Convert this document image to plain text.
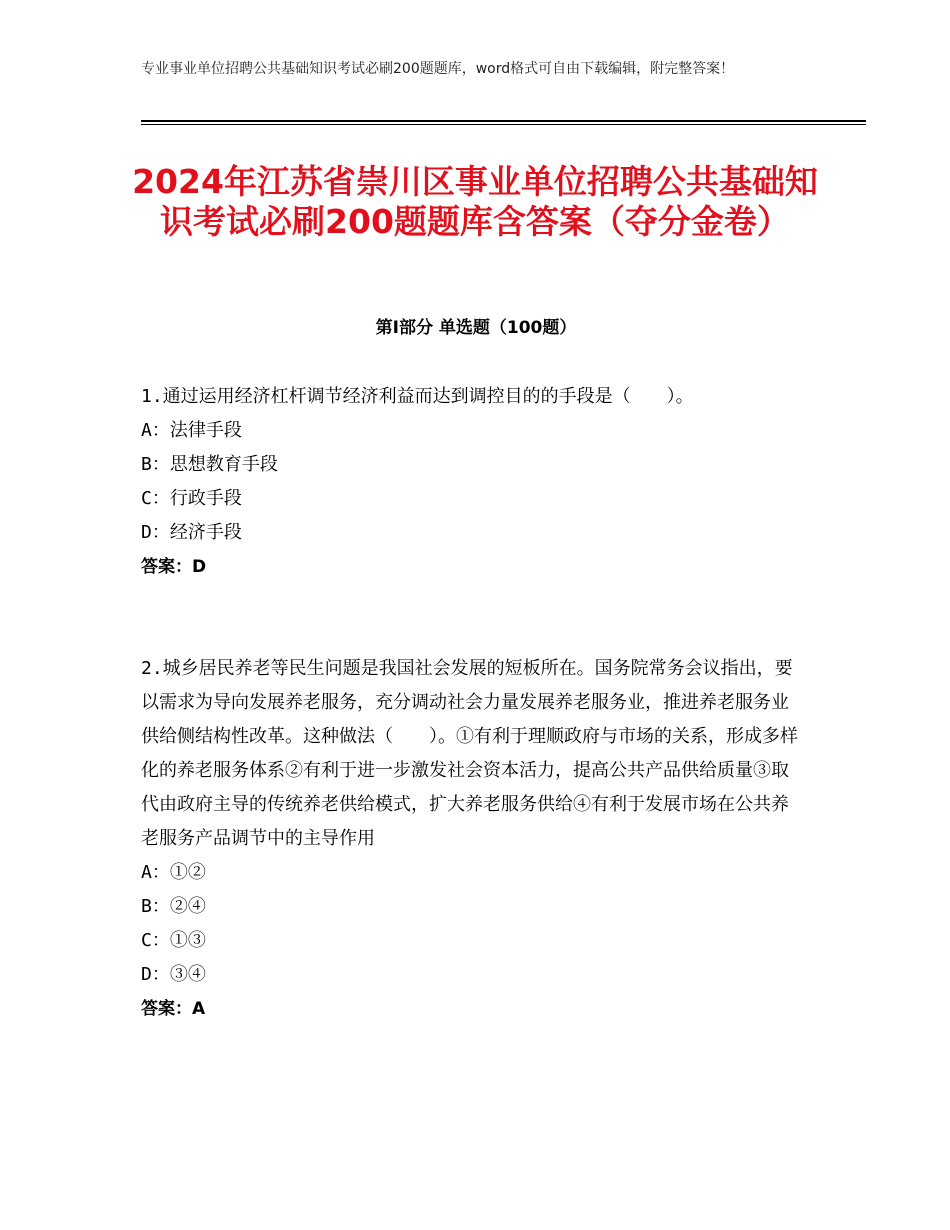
专业事业单位招聘公共基础知识考试必刷200题题库，word格式可自由下载编辑，附完整答案！
2024年江苏省崇川区事业单位招聘公共基础知识考试必刷200题题库含答案（夺分金卷）
第Ⅰ部分 单选题（100题）
1.通过运用经济杠杆调节经济利益而达到调控目的的手段是（　　）。
A：法律手段
B：思想教育手段
C：行政手段
D：经济手段
答案：D
2.城乡居民养老等民生问题是我国社会发展的短板所在。国务院常务会议指出，要以需求为导向发展养老服务，充分调动社会力量发展养老服务业，推进养老服务业供给侧结构性改革。这种做法（　　）。①有利于理顺政府与市场的关系，形成多样化的养老服务体系②有利于进一步激发社会资本活力，提高公共产品供给质量③取代由政府主导的传统养老供给模式，扩大养老服务供给④有利于发展市场在公共养老服务产品调节中的主导作用
A：①②
B：②④
C：①③
D：③④
答案：A
